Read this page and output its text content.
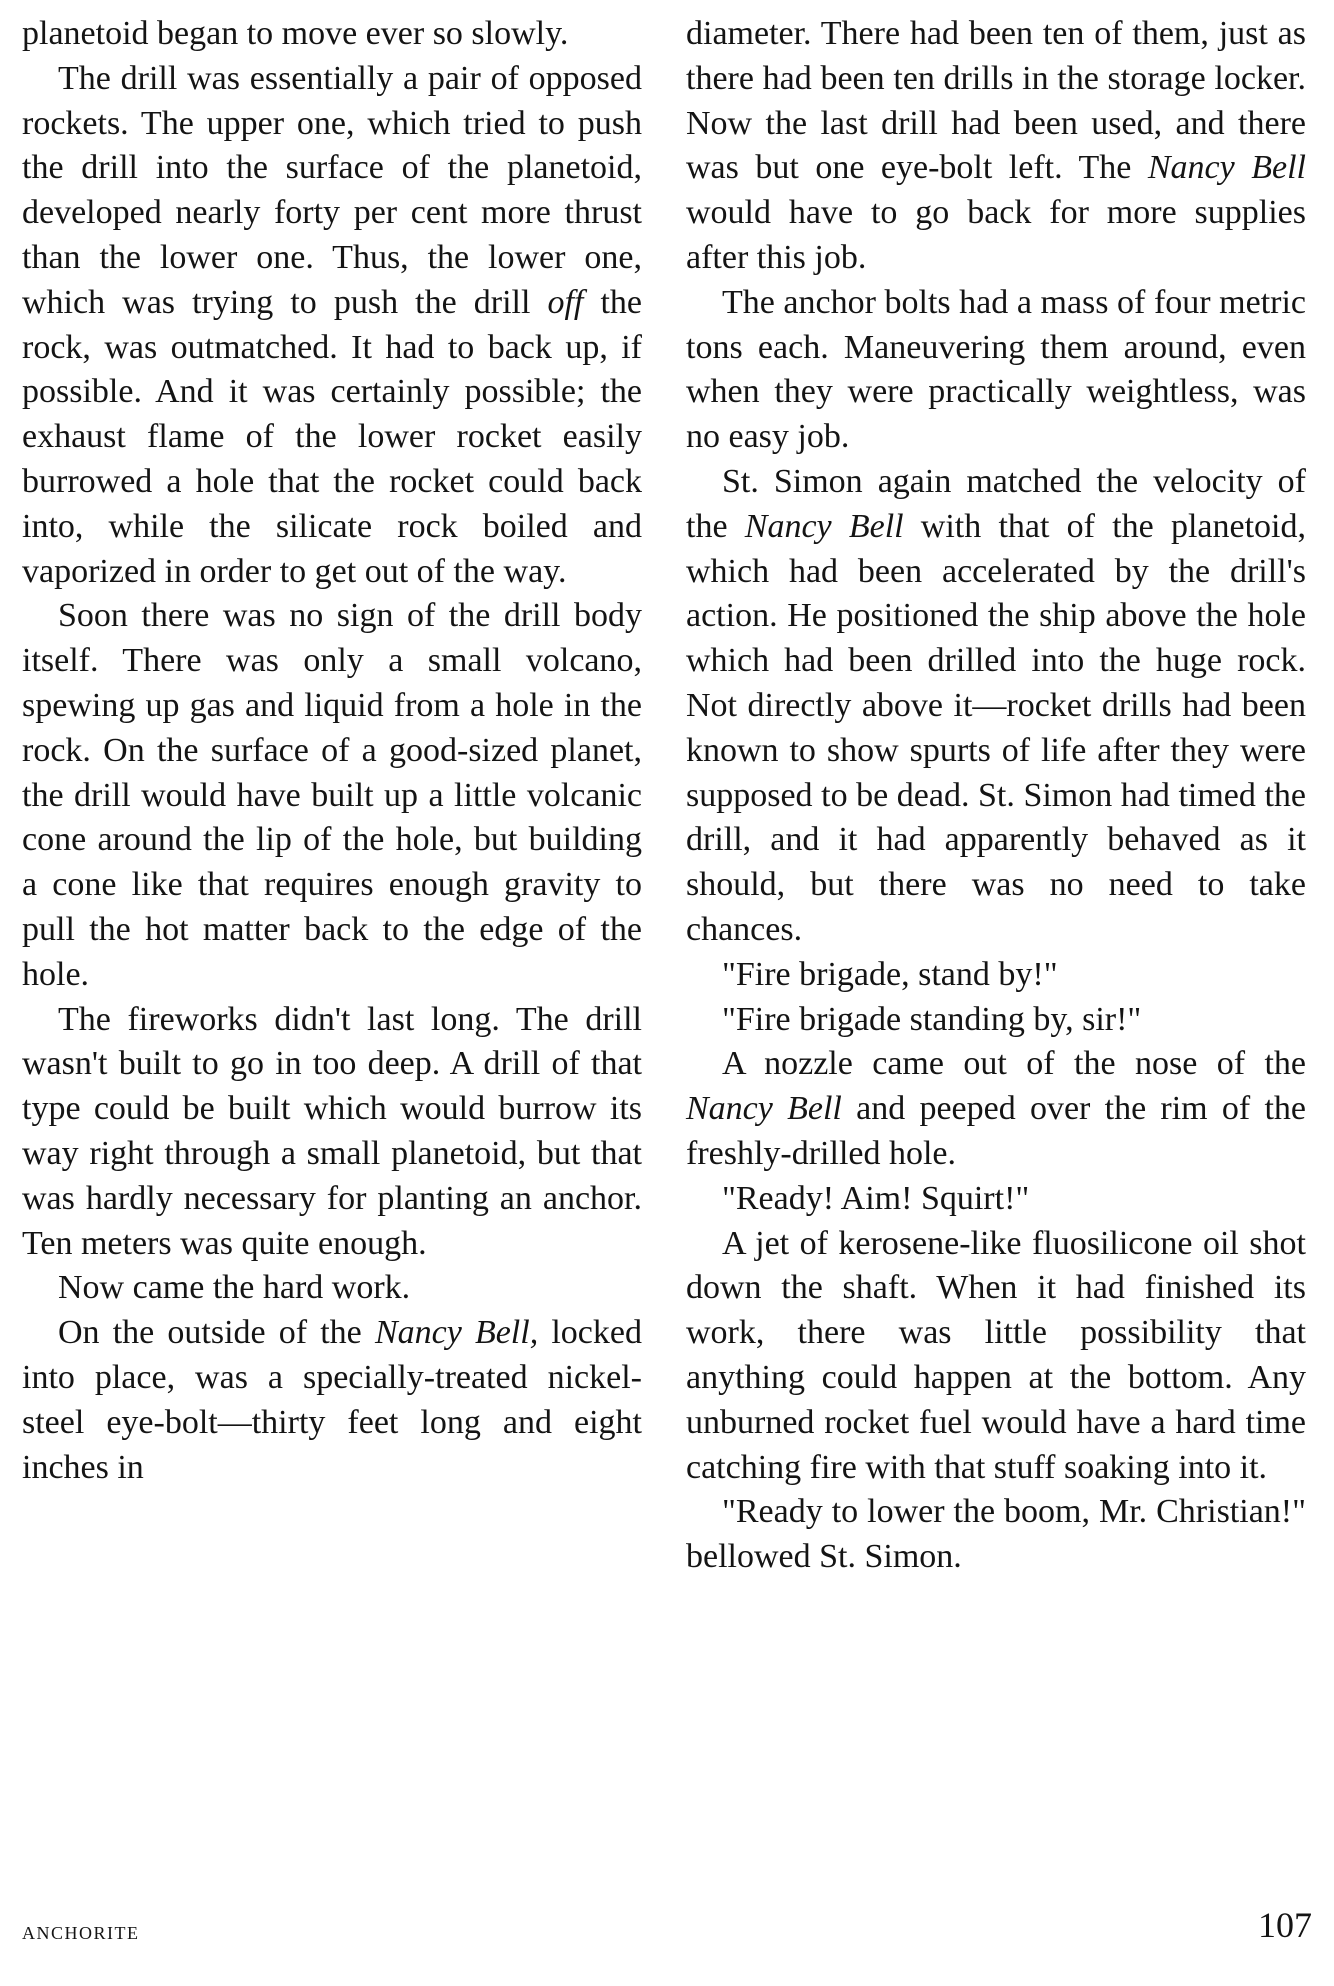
planetoid began to move ever so slowly.

The drill was essentially a pair of opposed rockets. The upper one, which tried to push the drill into the surface of the planetoid, developed nearly forty per cent more thrust than the lower one. Thus, the lower one, which was trying to push the drill off the rock, was outmatched. It had to back up, if possible. And it was certainly possible; the exhaust flame of the lower rocket easily burrowed a hole that the rocket could back into, while the silicate rock boiled and vaporized in order to get out of the way.

Soon there was no sign of the drill body itself. There was only a small volcano, spewing up gas and liquid from a hole in the rock. On the surface of a good-sized planet, the drill would have built up a little volcanic cone around the lip of the hole, but building a cone like that requires enough gravity to pull the hot matter back to the edge of the hole.

The fireworks didn't last long. The drill wasn't built to go in too deep. A drill of that type could be built which would burrow its way right through a small planetoid, but that was hardly necessary for planting an anchor. Ten meters was quite enough.

Now came the hard work.

On the outside of the Nancy Bell, locked into place, was a specially-treated nickel-steel eye-bolt—thirty feet long and eight inches in

diameter. There had been ten of them, just as there had been ten drills in the storage locker. Now the last drill had been used, and there was but one eye-bolt left. The Nancy Bell would have to go back for more supplies after this job.

The anchor bolts had a mass of four metric tons each. Maneuvering them around, even when they were practically weightless, was no easy job.

St. Simon again matched the velocity of the Nancy Bell with that of the planetoid, which had been accelerated by the drill's action. He positioned the ship above the hole which had been drilled into the huge rock. Not directly above it—rocket drills had been known to show spurts of life after they were supposed to be dead. St. Simon had timed the drill, and it had apparently behaved as it should, but there was no need to take chances.

"Fire brigade, stand by!"

"Fire brigade standing by, sir!"

A nozzle came out of the nose of the Nancy Bell and peeped over the rim of the freshly-drilled hole.

"Ready! Aim! Squirt!"

A jet of kerosene-like fluosilicone oil shot down the shaft. When it had finished its work, there was little possibility that anything could happen at the bottom. Any unburned rocket fuel would have a hard time catching fire with that stuff soaking into it.

"Ready to lower the boom, Mr. Christian!" bellowed St. Simon.

anchorite	107
